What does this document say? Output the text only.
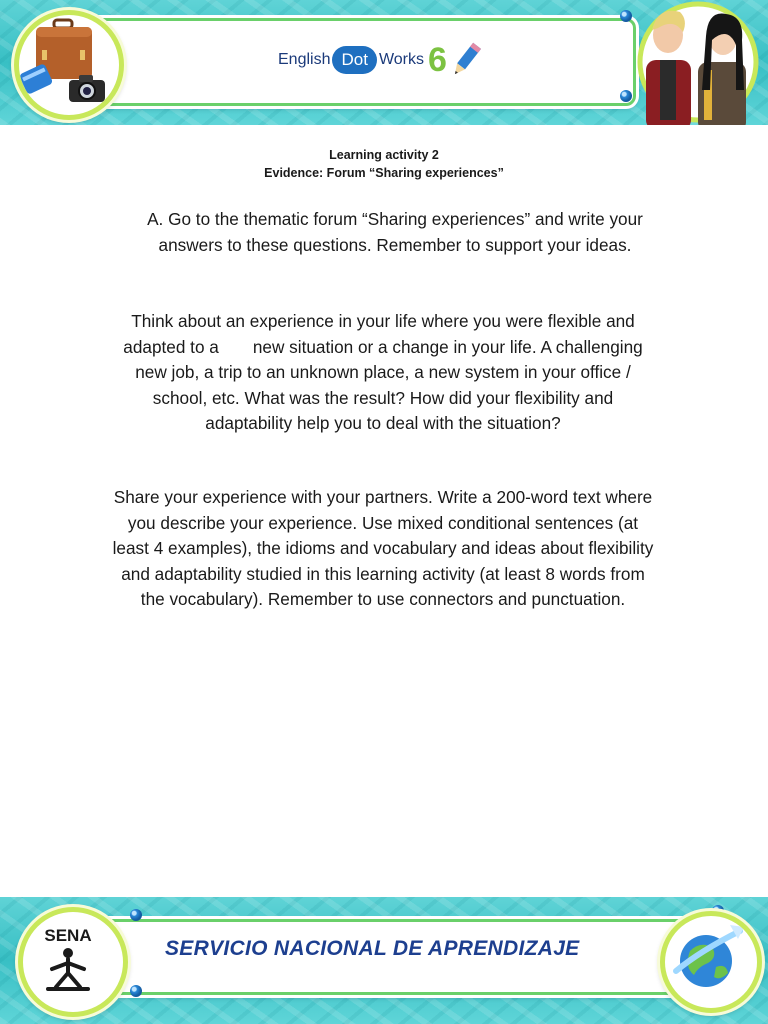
English Dot Works 6
Learning activity 2
Evidence: Forum “Sharing experiences”
A. Go to the thematic forum “Sharing experiences” and write your answers to these questions. Remember to support your ideas.
Think about an experience in your life where you were flexible and adapted to a new situation or a change in your life. A challenging new job, a trip to an unknown place, a new system in your office / school, etc. What was the result? How did your flexibility and adaptability help you to deal with the situation?
Share your experience with your partners. Write a 200-word text where you describe your experience. Use mixed conditional sentences (at least 4 examples), the idioms and vocabulary and ideas about flexibility and adaptability studied in this learning activity (at least 8 words from the vocabulary). Remember to use connectors and punctuation.
SENA
SERVICIO NACIONAL DE APRENDIZAJE
